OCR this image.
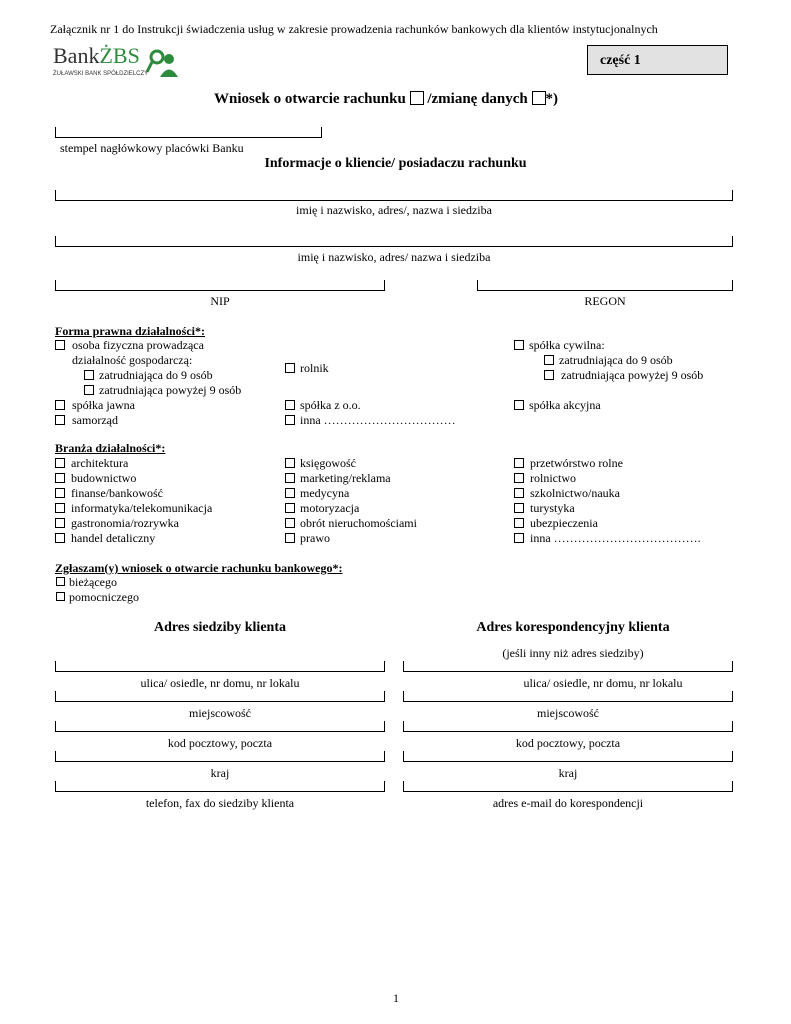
Załącznik nr 1 do Instrukcji świadczenia usług w zakresie prowadzenia rachunków bankowych dla klientów instytucjonalnych
BankŻBS
ŻUŁAWSKI BANK SPÓŁDZIELCZY
część 1
Wniosek o otwarcie rachunku /zmianę danych *)
stempel nagłówkowy placówki Banku
Informacje o kliencie/ posiadaczu rachunku
imię i nazwisko, adres/, nazwa i siedziba
imię i nazwisko, adres/ nazwa i siedziba
NIP	REGON
Forma prawna działalności*:
osoba fizyczna prowadząca
działalność gospodarczą:
zatrudniająca do 9 osób
zatrudniająca powyżej 9 osób
spółka jawna
samorząd
rolnik
spółka z o.o.
inna ……………………………
spółka cywilna:
zatrudniająca do 9 osób
zatrudniająca powyżej 9 osób
spółka akcyjna
Branża działalności*:
architektura
budownictwo
finanse/bankowość
informatyka/telekomunikacja
gastronomia/rozrywka
handel detaliczny
księgowość
marketing/reklama
medycyna
motoryzacja
obrót nieruchomościami
prawo
przetwórstwo rolne
rolnictwo
szkolnictwo/nauka
turystyka
ubezpieczenia
inna ……………………………….
Zgłaszam(y) wniosek o otwarcie rachunku bankowego*:
bieżącego
pomocniczego
Adres siedziby klienta	Adres korespondencyjny klienta
(jeśli inny niż adres siedziby)
ulica/ osiedle, nr domu, nr lokalu
miejscowość
kod pocztowy, poczta
kraj
telefon, fax do siedziby klienta
ulica/ osiedle, nr domu, nr lokalu
miejscowość
kod pocztowy, poczta
kraj
adres e-mail do korespondencji
1
